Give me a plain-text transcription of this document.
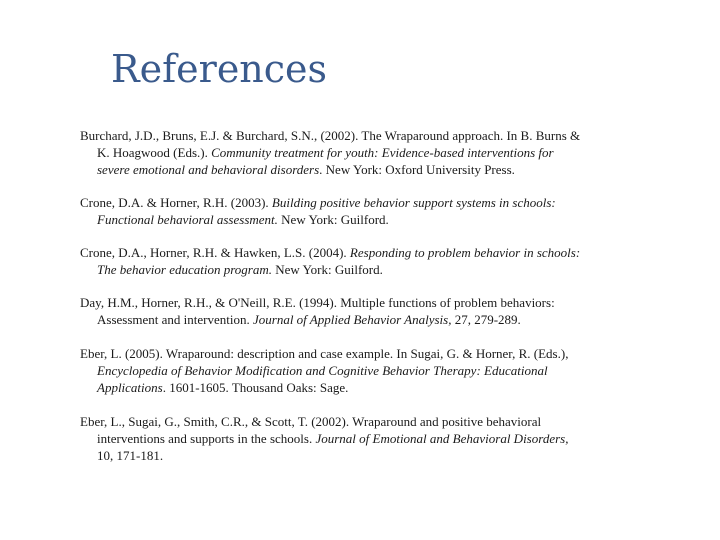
References
Burchard, J.D., Bruns, E.J. & Burchard, S.N., (2002). The Wraparound approach. In B. Burns &
K. Hoagwood (Eds.). Community treatment for youth: Evidence-based interventions for
severe emotional and behavioral disorders. New York: Oxford University Press.
Crone, D.A. & Horner, R.H. (2003). Building positive behavior support systems in schools:
Functional behavioral assessment. New York: Guilford.
Crone, D.A., Horner, R.H. & Hawken, L.S. (2004). Responding to problem behavior in schools:
The behavior education program. New York: Guilford.
Day, H.M., Horner, R.H., & O'Neill, R.E. (1994). Multiple functions of problem behaviors:
Assessment and intervention. Journal of Applied Behavior Analysis, 27, 279-289.
Eber, L. (2005). Wraparound: description and case example. In Sugai, G. & Horner, R. (Eds.),
Encyclopedia of Behavior Modification and Cognitive Behavior Therapy: Educational
Applications. 1601-1605. Thousand Oaks: Sage.
Eber, L., Sugai, G., Smith, C.R., & Scott, T. (2002). Wraparound and positive behavioral
interventions and supports in the schools. Journal of Emotional and Behavioral Disorders,
10, 171-181.
